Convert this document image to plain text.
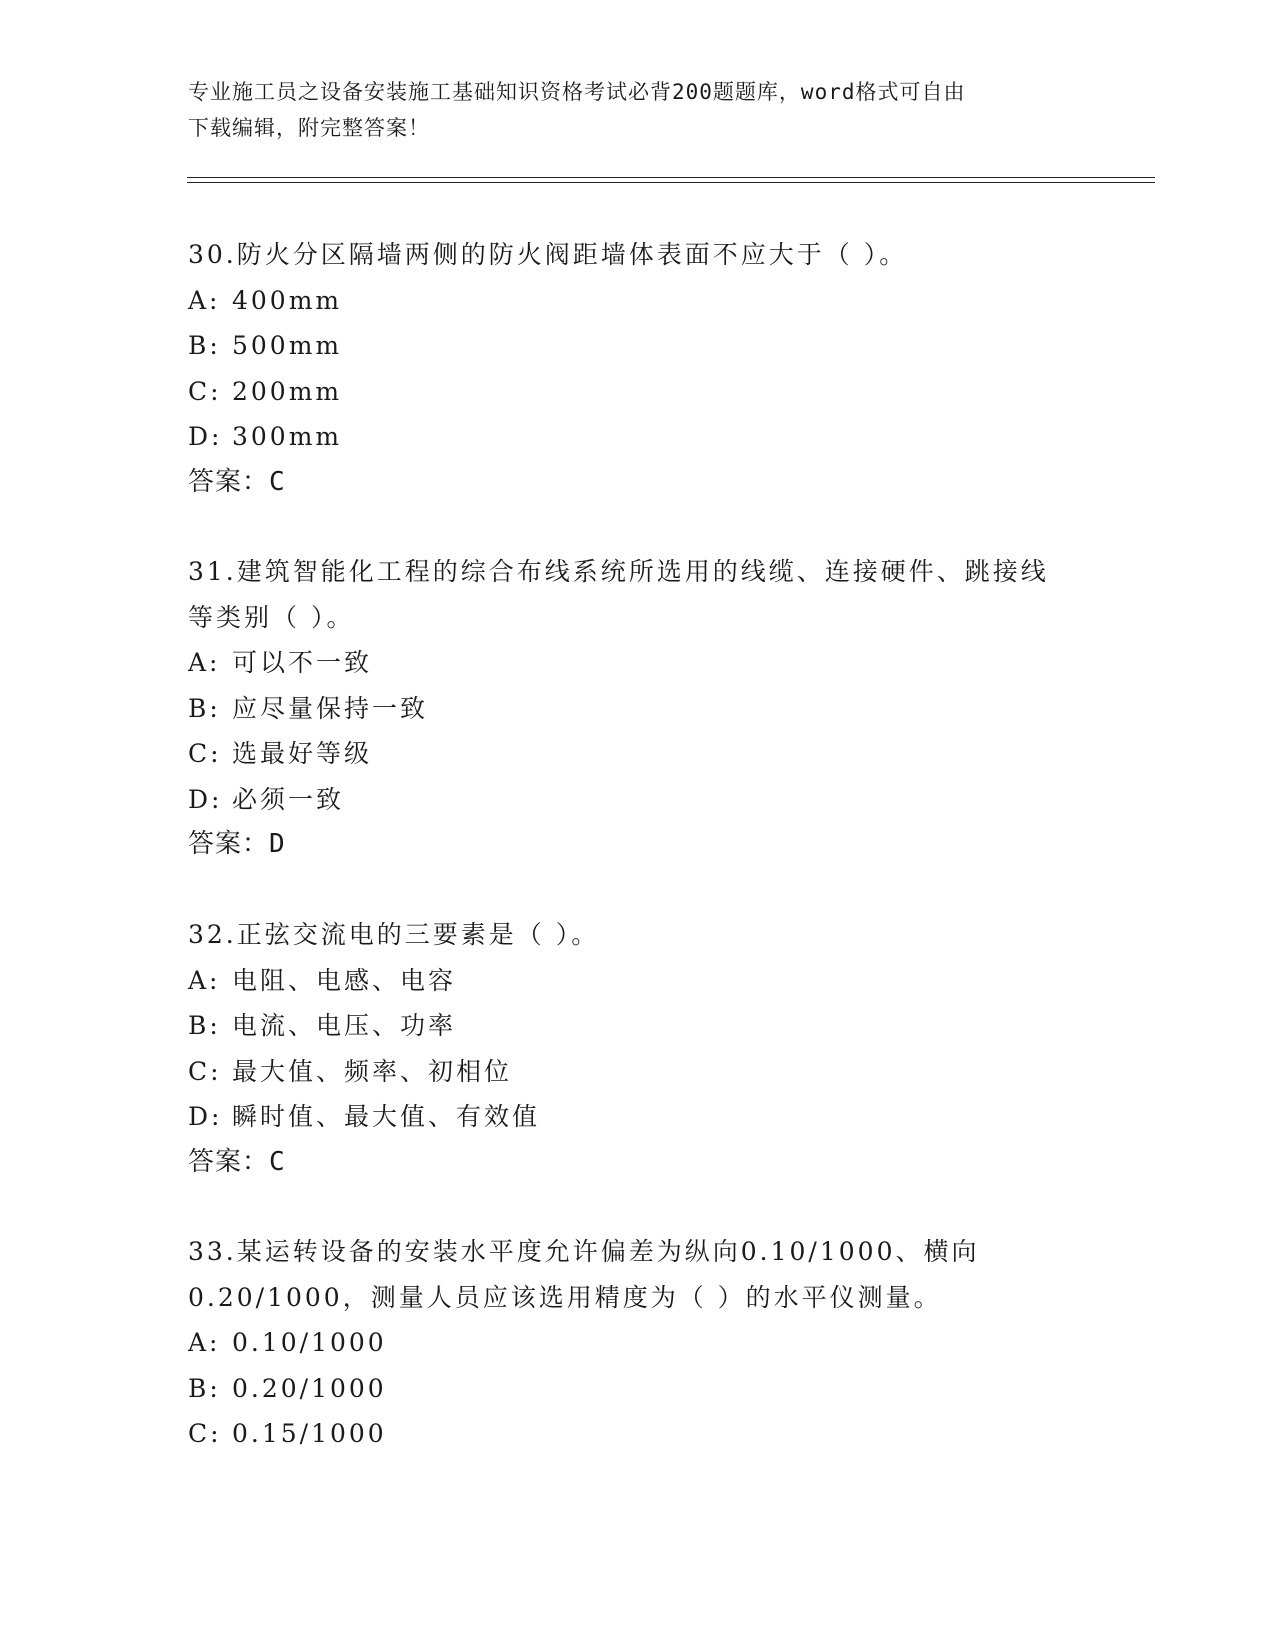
专业施工员之设备安装施工基础知识资格考试必背200题题库，word格式可自由
下载编辑，附完整答案！
30.防火分区隔墙两侧的防火阀距墙体表面不应大于（ ）。
A: 400mm
B: 500mm
C: 200mm
D: 300mm
答案：C
31.建筑智能化工程的综合布线系统所选用的线缆、连接硬件、跳接线
等类别（ ）。
A: 可以不一致
B: 应尽量保持一致
C: 选最好等级
D: 必须一致
答案：D
32.正弦交流电的三要素是（ ）。
A: 电阻、电感、电容
B: 电流、电压、功率
C: 最大值、频率、初相位
D: 瞬时值、最大值、有效值
答案：C
33.某运转设备的安装水平度允许偏差为纵向0.10/1000、横向
0.20/1000，测量人员应该选用精度为（ ）的水平仪测量。
A: 0.10/1000
B: 0.20/1000
C: 0.15/1000
